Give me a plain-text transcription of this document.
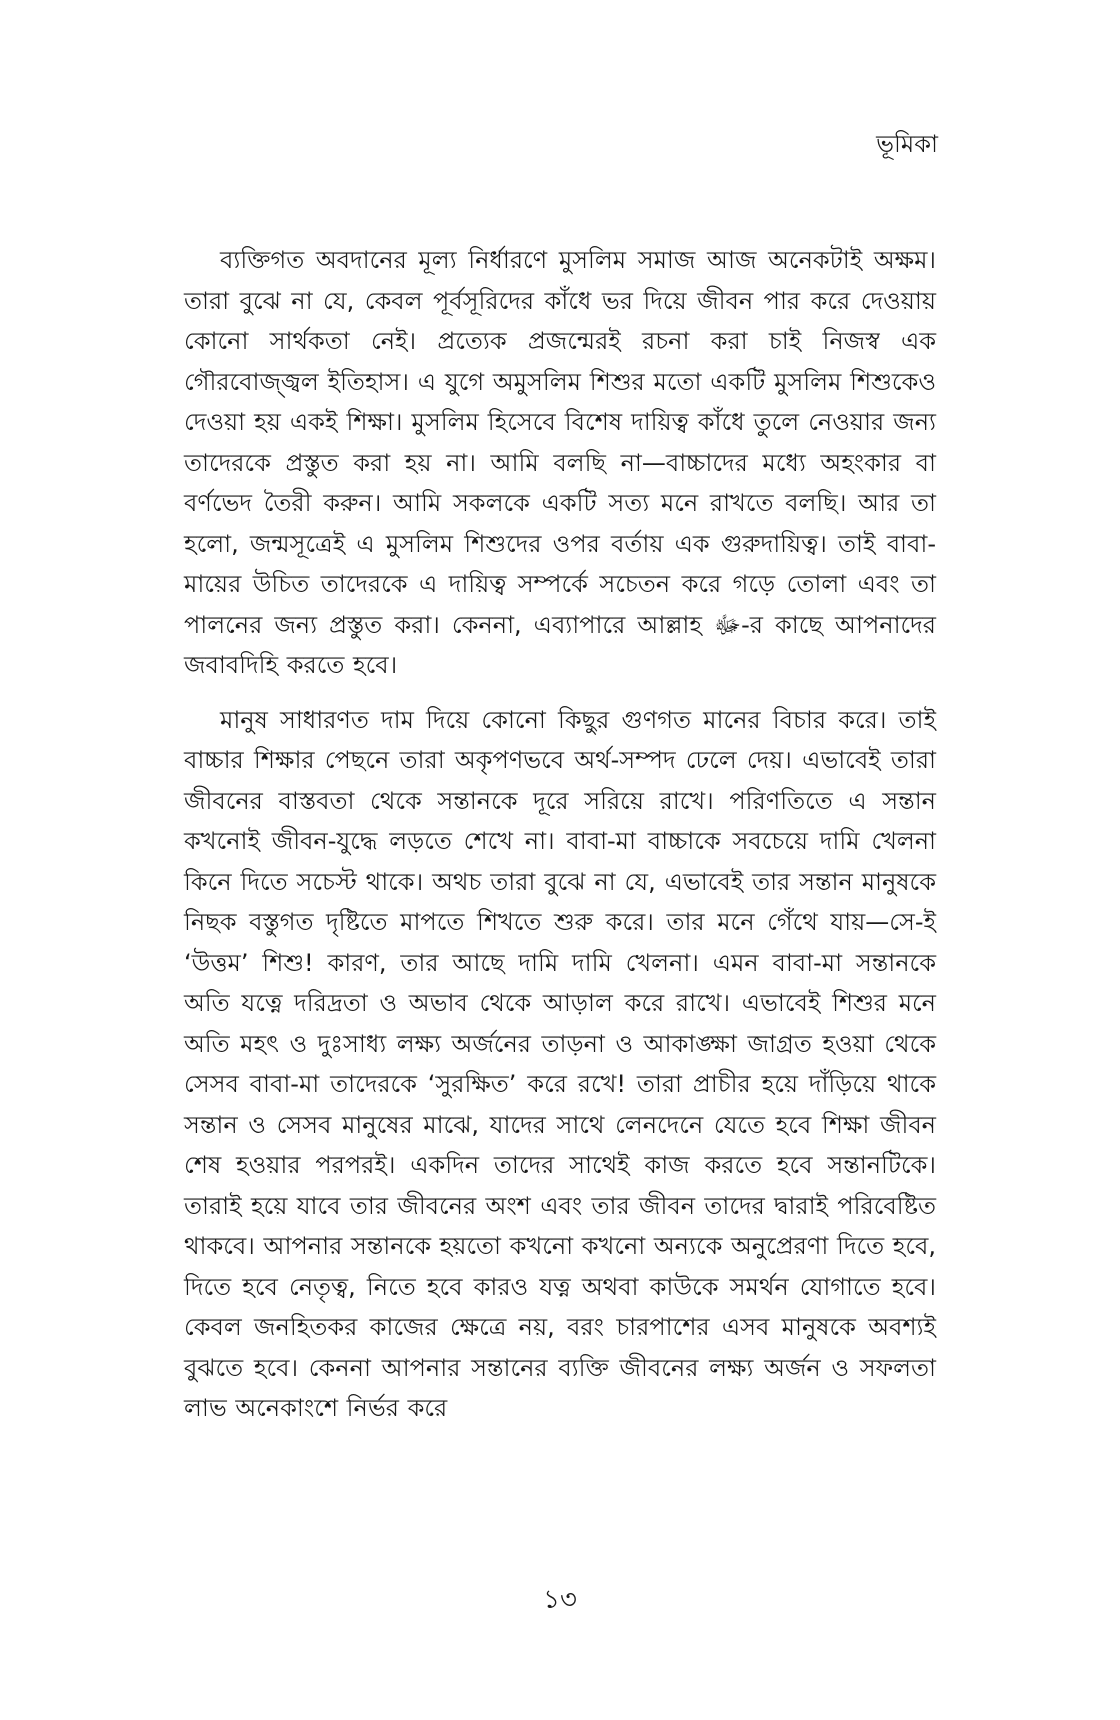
ভূমিকা

ব্যক্তিগত অবদানের মূল্য নির্ধারণে মুসলিম সমাজ আজ অনেকটাই অক্ষম। তারা বুঝে না যে, কেবল পূর্বসূরিদের কাঁধে ভর দিয়ে জীবন পার করে দেওয়ায় কোনো সার্থকতা নেই। প্রত্যেক প্রজন্মেরই রচনা করা চাই নিজস্ব এক গৌরবোজ্জ্বল ইতিহাস। এ যুগে অমুসলিম শিশুর মতো একটি মুসলিম শিশুকেও দেওয়া হয় একই শিক্ষা। মুসলিম হিসেবে বিশেষ দায়িত্ব কাঁধে তুলে নেওয়ার জন্য তাদেরকে প্রস্তুত করা হয় না। আমি বলছি না—বাচ্চাদের মধ্যে অহংকার বা বর্ণভেদ তৈরী করুন। আমি সকলকে একটি সত্য মনে রাখতে বলছি। আর তা হলো, জন্মসূত্রেই এ মুসলিম শিশুদের ওপর বর্তায় এক গুরুদায়িত্ব। তাই বাবা-মায়ের উচিত তাদেরকে এ দায়িত্ব সম্পর্কে সচেতন করে গড়ে তোলা এবং তা পালনের জন্য প্রস্তুত করা। কেননা, এব্যাপারে আল্লাহ ﷻ-র কাছে আপনাদের জবাবদিহি করতে হবে।

মানুষ সাধারণত দাম দিয়ে কোনো কিছুর গুণগত মানের বিচার করে। তাই বাচ্চার শিক্ষার পেছনে তারা অকৃপণভবে অর্থ-সম্পদ ঢেলে দেয়। এভাবেই তারা জীবনের বাস্তবতা থেকে সন্তানকে দূরে সরিয়ে রাখে। পরিণতিতে এ সন্তান কখনোই জীবন-যুদ্ধে লড়তে শেখে না। বাবা-মা বাচ্চাকে সবচেয়ে দামি খেলনা কিনে দিতে সচেস্ট থাকে। অথচ তারা বুঝে না যে, এভাবেই তার সন্তান মানুষকে নিছক বস্তুগত দৃষ্টিতে মাপতে শিখতে শুরু করে। তার মনে গেঁথে যায়—সে-ই ‘উত্তম’ শিশু! কারণ, তার আছে দামি দামি খেলনা। এমন বাবা-মা সন্তানকে অতি যত্নে দরিদ্রতা ও অভাব থেকে আড়াল করে রাখে। এভাবেই শিশুর মনে অতি মহৎ ও দুঃসাধ্য লক্ষ্য অর্জনের তাড়না ও আকাঙ্ক্ষা জাগ্রত হওয়া থেকে সেসব বাবা-মা তাদেরকে ‘সুরক্ষিত’ করে রখে! তারা প্রাচীর হয়ে দাঁড়িয়ে থাকে সন্তান ও সেসব মানুষের মাঝে, যাদের সাথে লেনদেনে যেতে হবে শিক্ষা জীবন শেষ হওয়ার পরপরই। একদিন তাদের সাথেই কাজ করতে হবে সন্তানটিকে। তারাই হয়ে যাবে তার জীবনের অংশ এবং তার জীবন তাদের দ্বারাই পরিবেষ্টিত থাকবে। আপনার সন্তানকে হয়তো কখনো কখনো অন্যকে অনুপ্রেরণা দিতে হবে, দিতে হবে নেতৃত্ব, নিতে হবে কারও যত্ন অথবা কাউকে সমর্থন যোগাতে হবে। কেবল জনহিতকর কাজের ক্ষেত্রে নয়, বরং চারপাশের এসব মানুষকে অবশ্যই বুঝতে হবে। কেননা আপনার সন্তানের ব্যক্তি জীবনের লক্ষ্য অর্জন ও সফলতা লাভ অনেকাংশে নির্ভর করে

১৩
